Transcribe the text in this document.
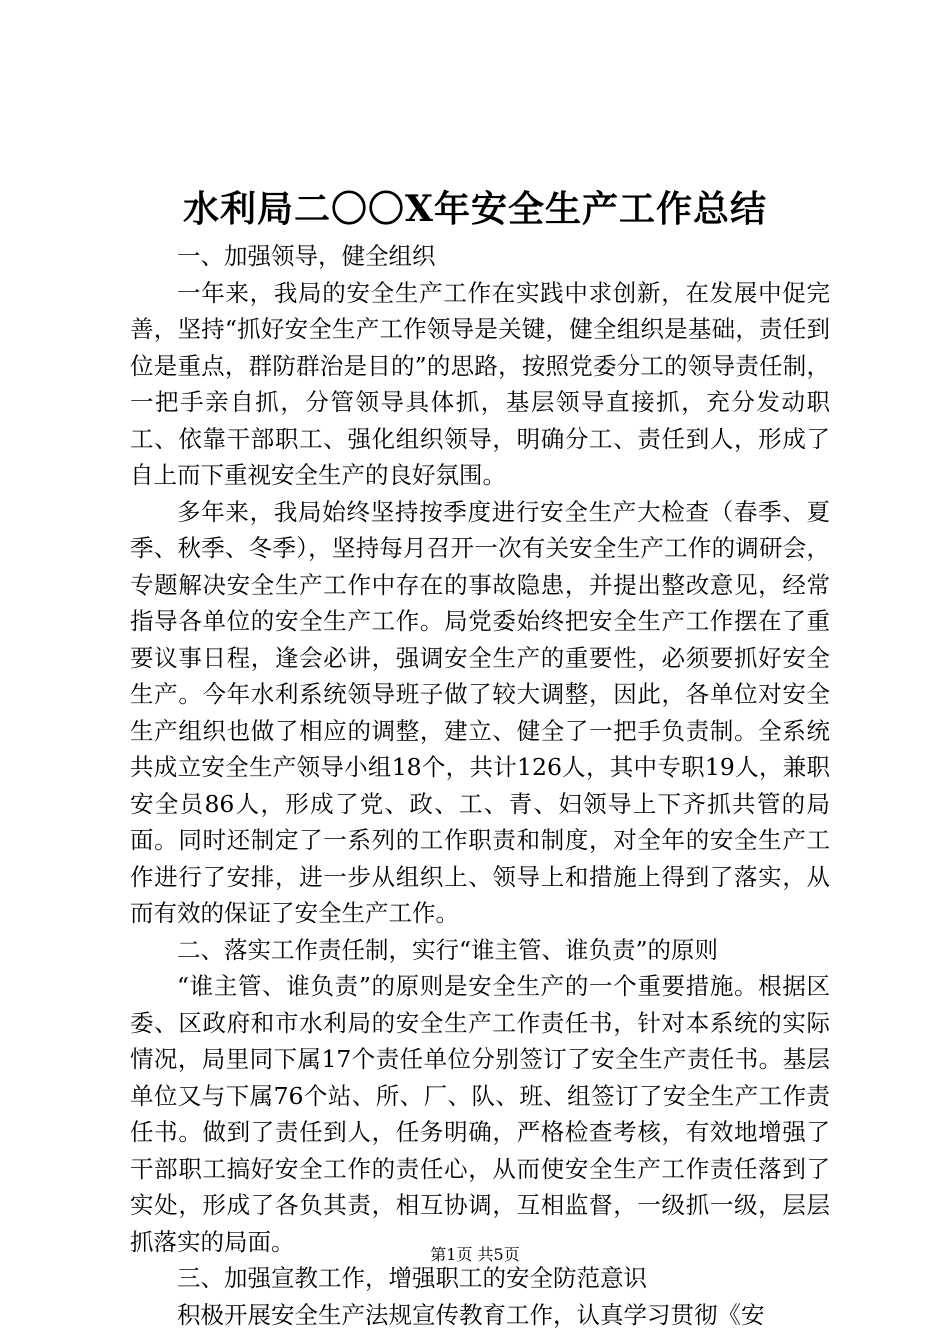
水利局二〇〇X年安全生产工作总结

一、加强领导，健全组织

一年来，我局的安全生产工作在实践中求创新，在发展中促完善，坚持“抓好安全生产工作领导是关键，健全组织是基础，责任到位是重点，群防群治是目的”的思路，按照党委分工的领导责任制，一把手亲自抓，分管领导具体抓，基层领导直接抓，充分发动职工、依靠干部职工、强化组织领导，明确分工、责任到人，形成了自上而下重视安全生产的良好氛围。

多年来，我局始终坚持按季度进行安全生产大检查（春季、夏季、秋季、冬季），坚持每月召开一次有关安全生产工作的调研会，专题解决安全生产工作中存在的事故隐患，并提出整改意见，经常指导各单位的安全生产工作。局党委始终把安全生产工作摆在了重要议事日程，逢会必讲，强调安全生产的重要性，必须要抓好安全生产。今年水利系统领导班子做了较大调整，因此，各单位对安全生产组织也做了相应的调整，建立、健全了一把手负责制。全系统共成立安全生产领导小组18个，共计126人，其中专职19人，兼职安全员86人，形成了党、政、工、青、妇领导上下齐抓共管的局面。同时还制定了一系列的工作职责和制度，对全年的安全生产工作进行了安排，进一步从组织上、领导上和措施上得到了落实，从而有效的保证了安全生产工作。

二、落实工作责任制，实行“谁主管、谁负责”的原则

“谁主管、谁负责”的原则是安全生产的一个重要措施。根据区委、区政府和市水利局的安全生产工作责任书，针对本系统的实际情况，局里同下属17个责任单位分别签订了安全生产责任书。基层单位又与下属76个站、所、厂、队、班、组签订了安全生产工作责任书。做到了责任到人，任务明确，严格检查考核，有效地增强了干部职工搞好安全工作的责任心，从而使安全生产工作责任落到了实处，形成了各负其责，相互协调，互相监督，一级抓一级，层层抓落实的局面。

三、加强宣教工作，增强职工的安全防范意识

积极开展安全生产法规宣传教育工作，认真学习贯彻《安

第1页 共5页
